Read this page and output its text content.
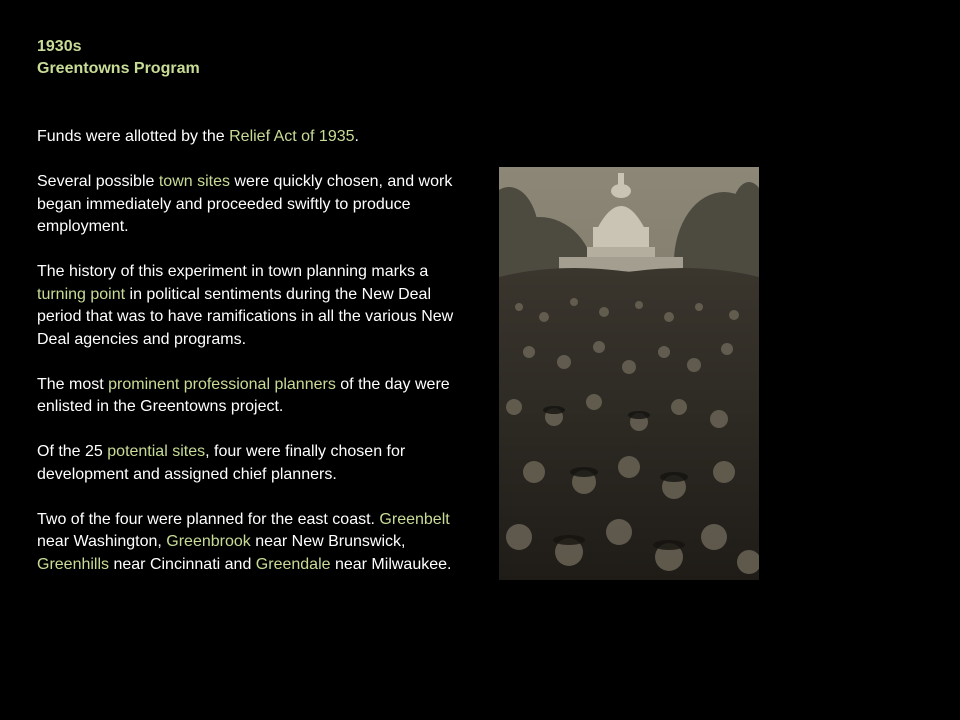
1930s
Greentowns Program

Funds were allotted by the Relief Act of 1935.

Several possible town sites were quickly chosen, and work began immediately and proceeded swiftly to produce employment.

The history of this experiment in town planning marks a turning point in political sentiments during the New Deal period that was to have ramifications in all the various New Deal agencies and programs.

The most prominent professional planners of the day were enlisted in the Greentowns project.

Of the 25 potential sites, four were finally chosen for development and assigned chief planners.

Two of the four were planned for the east coast. Greenbelt near Washington, Greenbrook near New Brunswick, Greenhills near Cincinnati and Greendale near Milwaukee.
